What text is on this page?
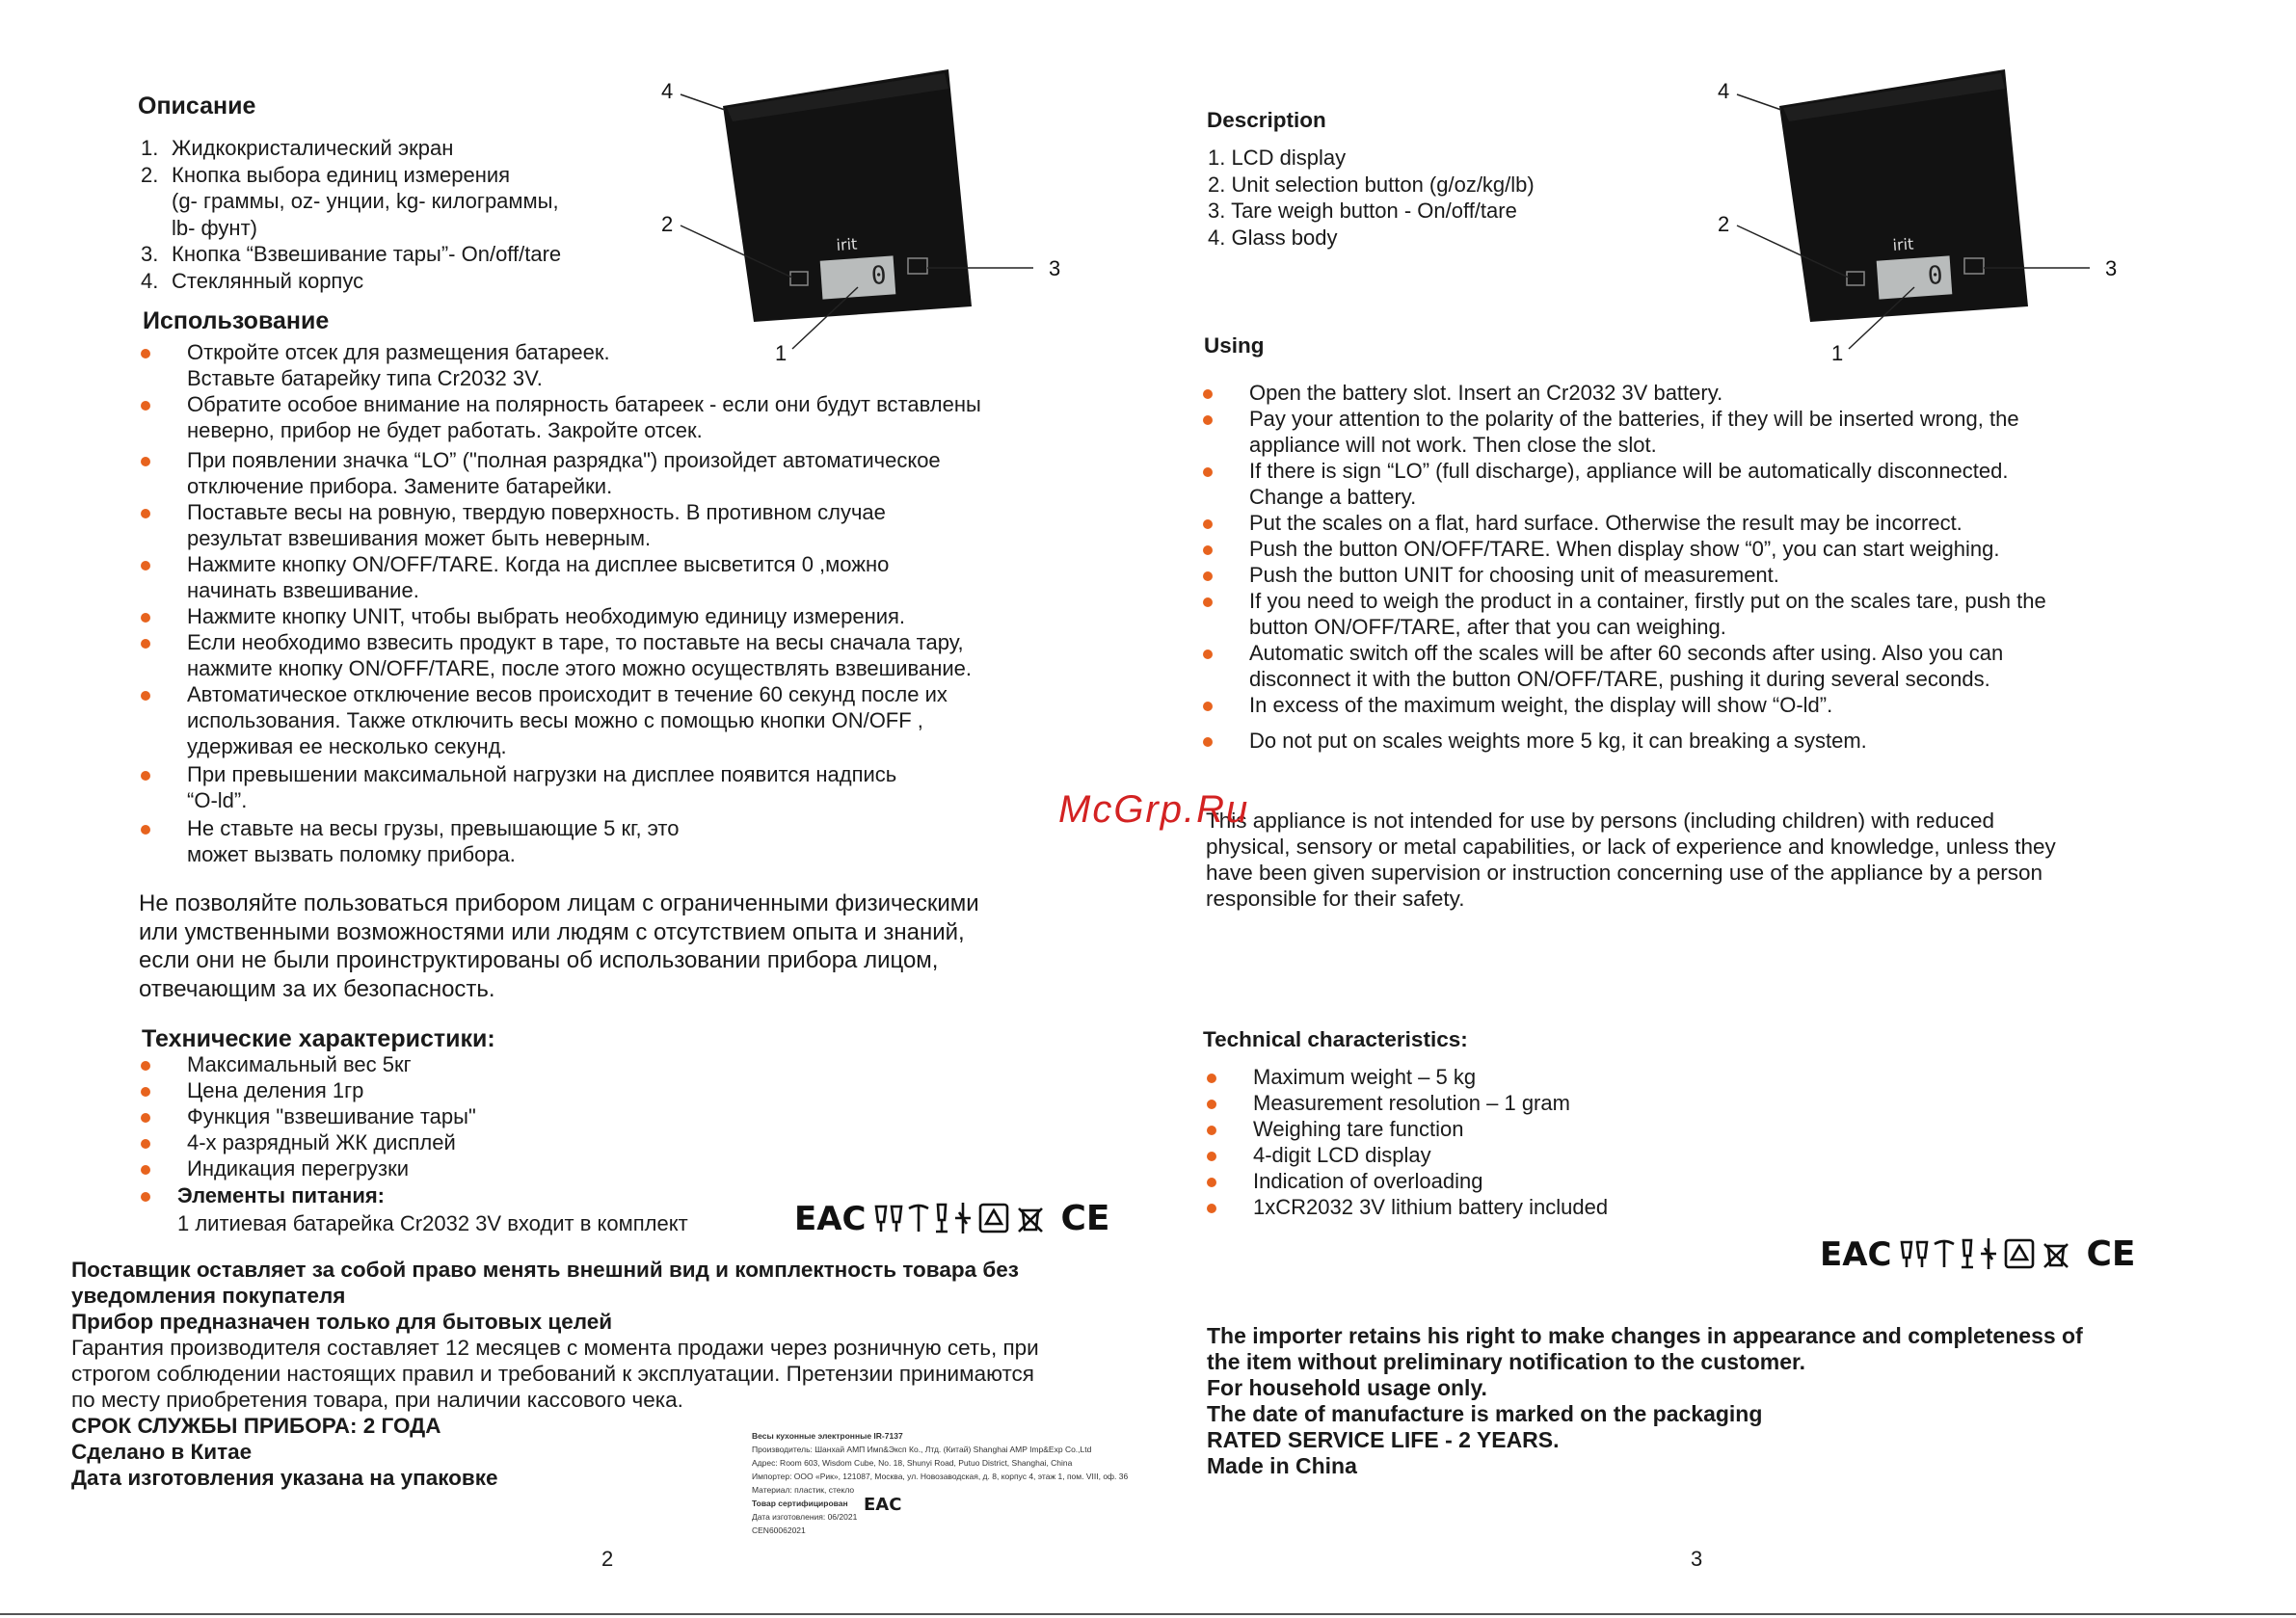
Описание
1. Жидкокристалический экран
2. Кнопка выбора единиц измерения
(g- граммы, oz- унции, kg- килограммы,
lb- фунт)
3. Кнопка “Взвешивание тары”- On/off/tare
4. Стеклянный корпус
Использование
Откройте отсек для размещения батареек.
Вставьте батарейку типа Cr2032 3V.
Обратите особое внимание на полярность батареек - если они будут вставлены
неверно, прибор не будет работать. Закройте отсек.
При появлении значка “LO” ("полная разрядка") произойдет автоматическое
отключение прибора. Замените батарейки.
Поставьте весы на ровную, твердую поверхность. В противном случае
результат взвешивания может быть неверным.
Нажмите кнопку ON/OFF/TARE. Когда на дисплее высветится 0 ,можно
начинать взвешивание.
Нажмите кнопку UNIT, чтобы выбрать необходимую единицу измерения.
Если необходимо взвесить продукт в таре, то поставьте на весы сначала тару,
нажмите кнопку ON/OFF/TARE, после этого можно осуществлять взвешивание.
Автоматическое отключение весов происходит в течение 60 секунд после их
использования. Также отключить весы можно с помощью кнопки ON/OFF ,
удерживая ее несколько секунд.
При превышении максимальной нагрузки на дисплее появится надпись
“O-ld”.
Не ставьте на весы грузы, превышающие 5 кг, это
может вызвать поломку прибора.
Не позволяйте пользоваться прибором лицам с ограниченными физическими
или умственными возможностями или людям с отсутствием опыта и знаний,
если они не были проинструктированы об использовании прибора лицом,
отвечающим за их безопасность.
Технические характеристики:
Максимальный вес 5кг
Цена деления 1гр
Функция "взвешивание тары"
4-х разрядный ЖК дисплей
Индикация перегрузки
Элементы питания:
1 литиевая батарейка Cr2032 3V входит в комплект	EAC	CE
Поставщик оставляет за собой право менять внешний вид и комплектность товара без
уведомления покупателя
Прибор предназначен только для бытовых целей
Гарантия производителя составляет 12 месяцев с момента продажи через розничную сеть, при
строгом соблюдении настоящих правил и требований к эксплуатации. Претензии принимаются
по месту приобретения товара, при наличии кассового чека.
СРОК СЛУЖБЫ ПРИБОРА: 2 ГОДА
Сделано в Китае
Дата изготовления указана на упаковке
Весы кухонные электронные IR-7137
Производитель: Шанхай АМП Имп&Эксп Ко., Лтд. (Китай) Shanghai AMP Imp&Exp Co.,Ltd
Адрес: Room 603, Wisdom Cube, No. 18, Shunyi Road, Putuo District, Shanghai, China
Импортер: ООО «Рик», 121087, Москва, ул. Новозаводская, д. 8, корпус 4, этаж 1, пом. VIII, оф. 36
Материал: пластик, стекло
Товар сертифицирован
Дата изготовления: 06/2021
CEN60062021
EAC
2
0
irit
4
2
3
1
Description
1. LCD display
2. Unit selection button (g/oz/kg/lb)
3. Tare weigh button - On/off/tare
4. Glass body
Using
Open the battery slot. Insert an Cr2032 3V battery.
Pay your attention to the polarity of the batteries, if they will be inserted wrong, the
appliance will not work. Then close the slot.
If there is sign “LO” (full discharge), appliance will be automatically disconnected.
Change a battery.
Put the scales on a flat, hard surface. Otherwise the result may be incorrect.
Push the button ON/OFF/TARE. When display show “0”, you can start weighing.
Push the button UNIT for choosing unit of measurement.
If you need to weigh the product in a container, firstly put on the scales tare, push the
button ON/OFF/TARE, after that you can weighing.
Automatic switch off the scales will be after 60 seconds after using. Also you can
disconnect it with the button ON/OFF/TARE, pushing it during several seconds.
In excess of the maximum weight, the display will show “O-ld”.
Do not put on scales weights more 5 kg, it can breaking a system.
This appliance is not intended for use by persons (including children) with reduced
physical, sensory or metal capabilities, or lack of experience and knowledge, unless they
have been given supervision or instruction concerning use of the appliance by a person
responsible for their safety.
Technical characteristics:
Maximum weight – 5 kg
Measurement resolution – 1 gram
Weighing tare function
4-digit LCD display
Indication of overloading
1xCR2032 3V lithium battery included
EAC	CE
The importer retains his right to make changes in appearance and completeness of
the item without preliminary notification to the customer.
For household usage only.
The date of manufacture is marked on the packaging
RATED SERVICE LIFE - 2 YEARS.
Made in China
3
0
irit
4
2
3
1
McGrp.Ru
